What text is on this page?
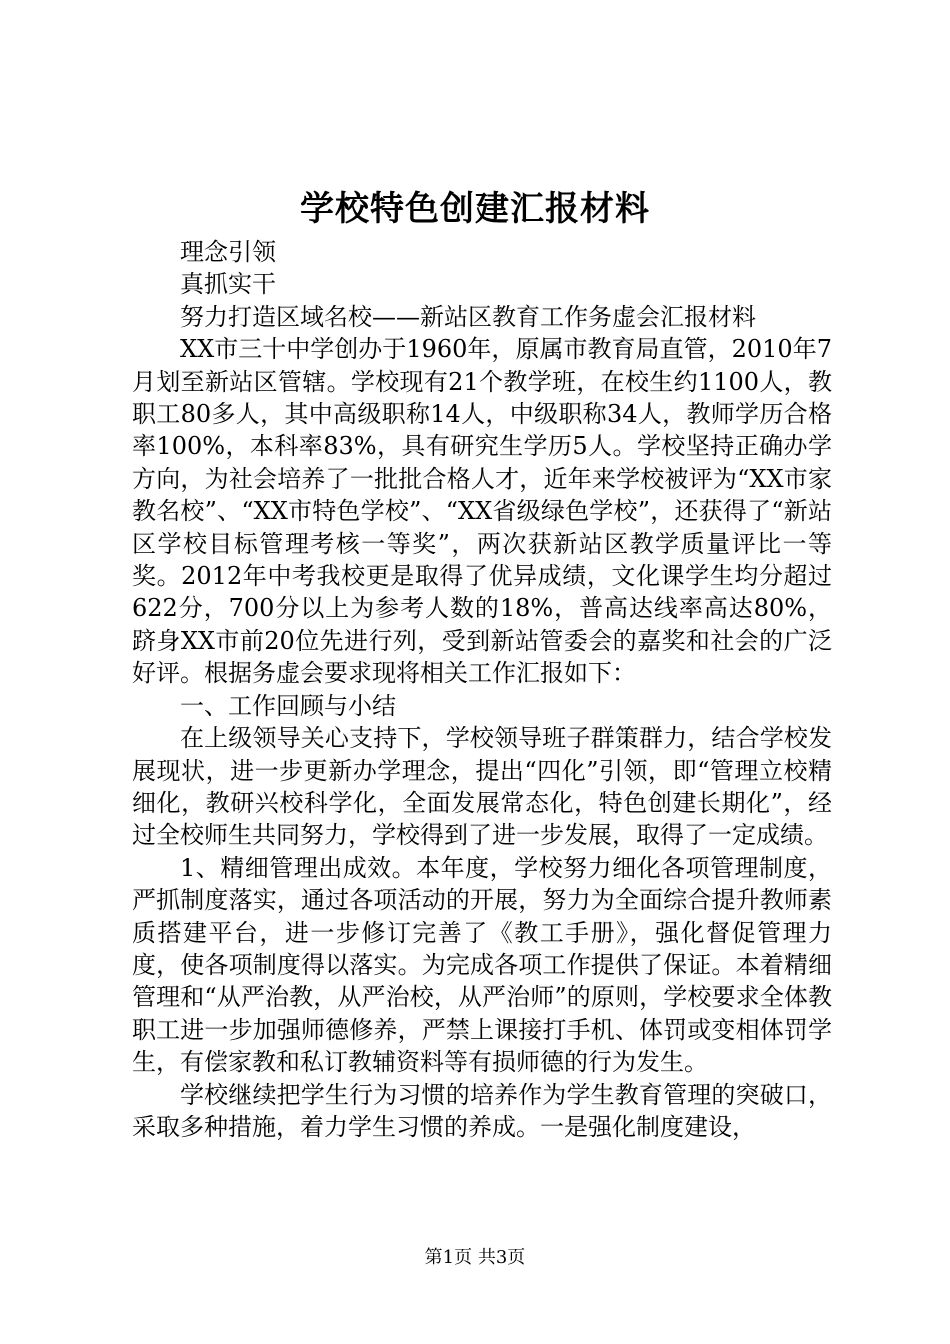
学校特色创建汇报材料

理念引领

真抓实干

努力打造区域名校——新站区教育工作务虚会汇报材料

XX市三十中学创办于1960年，原属市教育局直管，2010年7月划至新站区管辖。学校现有21个教学班，在校生约1100人，教职工80多人，其中高级职称14人，中级职称34人，教师学历合格率100%，本科率83%，具有研究生学历5人。学校坚持正确办学方向，为社会培养了一批批合格人才，近年来学校被评为“XX市家教名校”、“XX市特色学校”、“XX省级绿色学校”，还获得了“新站区学校目标管理考核一等奖”，两次获新站区教学质量评比一等奖。2012年中考我校更是取得了优异成绩，文化课学生均分超过622分，700分以上为参考人数的18%，普高达线率高达80%，跻身XX市前20位先进行列，受到新站管委会的嘉奖和社会的广泛好评。根据务虚会要求现将相关工作汇报如下：

一、工作回顾与小结

在上级领导关心支持下，学校领导班子群策群力，结合学校发展现状，进一步更新办学理念，提出“四化”引领，即“管理立校精细化，教研兴校科学化，全面发展常态化，特色创建长期化”，经过全校师生共同努力，学校得到了进一步发展，取得了一定成绩。

1、精细管理出成效。本年度，学校努力细化各项管理制度，严抓制度落实，通过各项活动的开展，努力为全面综合提升教师素质搭建平台，进一步修订完善了《教工手册》，强化督促管理力度，使各项制度得以落实。为完成各项工作提供了保证。本着精细管理和“从严治教，从严治校，从严治师”的原则，学校要求全体教职工进一步加强师德修养，严禁上课接打手机、体罚或变相体罚学生，有偿家教和私订教辅资料等有损师德的行为发生。

学校继续把学生行为习惯的培养作为学生教育管理的突破口，采取多种措施，着力学生习惯的养成。一是强化制度建设，

第1页 共3页
